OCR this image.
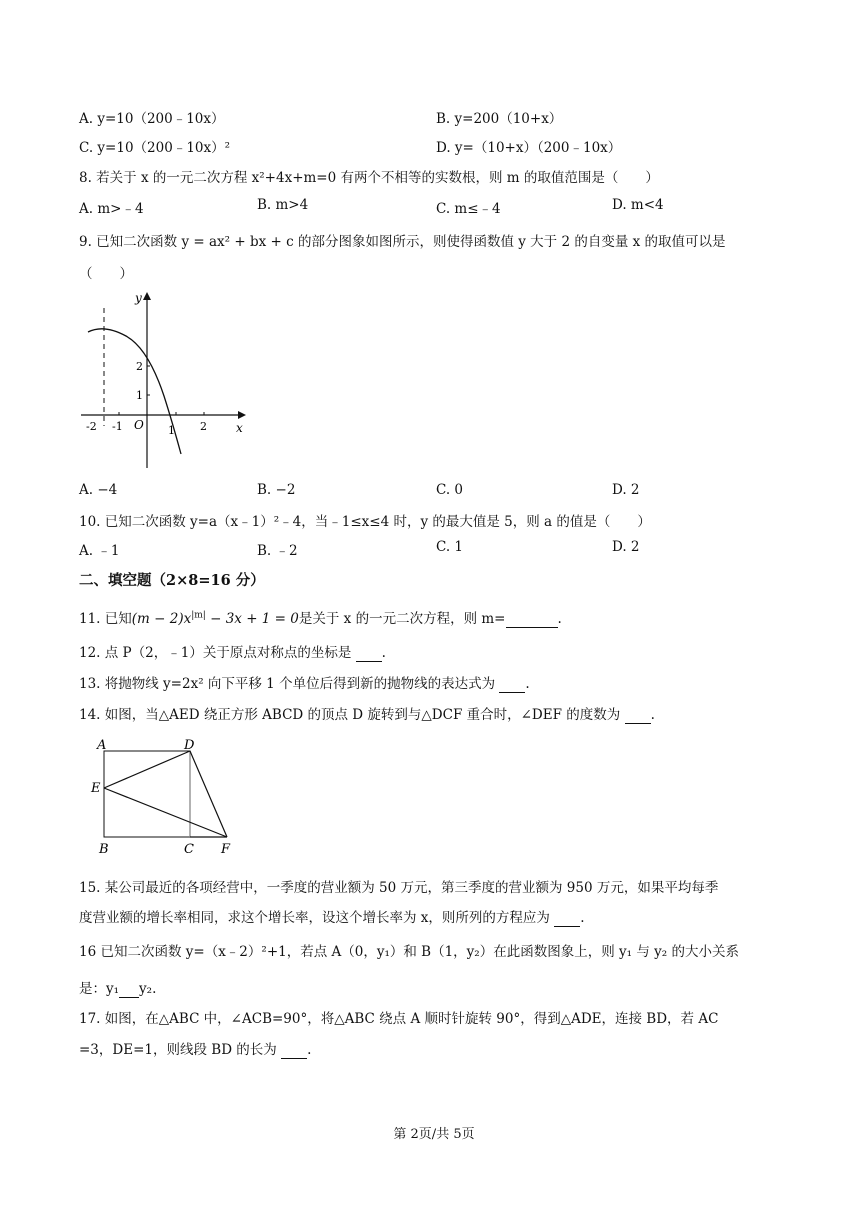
A. y=10（200﹣10x）	B. y=200（10+x）
C. y=10（200﹣10x）²	D. y=（10+x）（200﹣10x）
8. 若关于 x 的一元二次方程 x²+4x+m=0 有两个不相等的实数根，则 m 的取值范围是（　　）
A. m>﹣4	B. m>4	C. m≤﹣4	D. m<4
9. 已知二次函数 y = ax² + bx + c 的部分图象如图所示，则使得函数值 y 大于 2 的自变量 x 的取值可以是
（　　）
y
x
O
-2 -1	1 2
1
2
A. −4	B. −2	C. 0	D. 2
10. 已知二次函数 y=a（x﹣1）²﹣4，当﹣1≤x≤4 时，y 的最大值是 5，则 a 的值是（　　）
A. ﹣1	B. ﹣2	C. 1	D. 2
二、填空题（2×8=16 分）
11. 已知$(m - 2)x^{|m|} - 3x + 1 = 0$是关于 x 的一元二次方程，则 m=	.
12. 点 P（2，﹣1）关于原点对称点的坐标是 .
13. 将抛物线 y=2x² 向下平移 1 个单位后得到新的抛物线的表达式为 .
14. 如图，当△AED 绕正方形 ABCD 的顶点 D 旋转到与△DCF 重合时，∠DEF 的度数为 .
A	D
E
B	C F
15. 某公司最近的各项经营中，一季度的营业额为 50 万元，第三季度的营业额为 950 万元，如果平均每季
度营业额的增长率相同，求这个增长率，设这个增长率为 x，则所列的方程应为 .
16 已知二次函数 y=（x﹣2）²+1，若点 A（0，y₁）和 B（1，y₂）在此函数图象上，则 y₁ 与 y₂ 的大小关系
是：y₁ y₂.
17. 如图，在△ABC 中，∠ACB=90°，将△ABC 绕点 A 顺时针旋转 90°，得到△ADE，连接 BD，若 AC
=3，DE=1，则线段 BD 的长为 .
第 2页/共 5页
